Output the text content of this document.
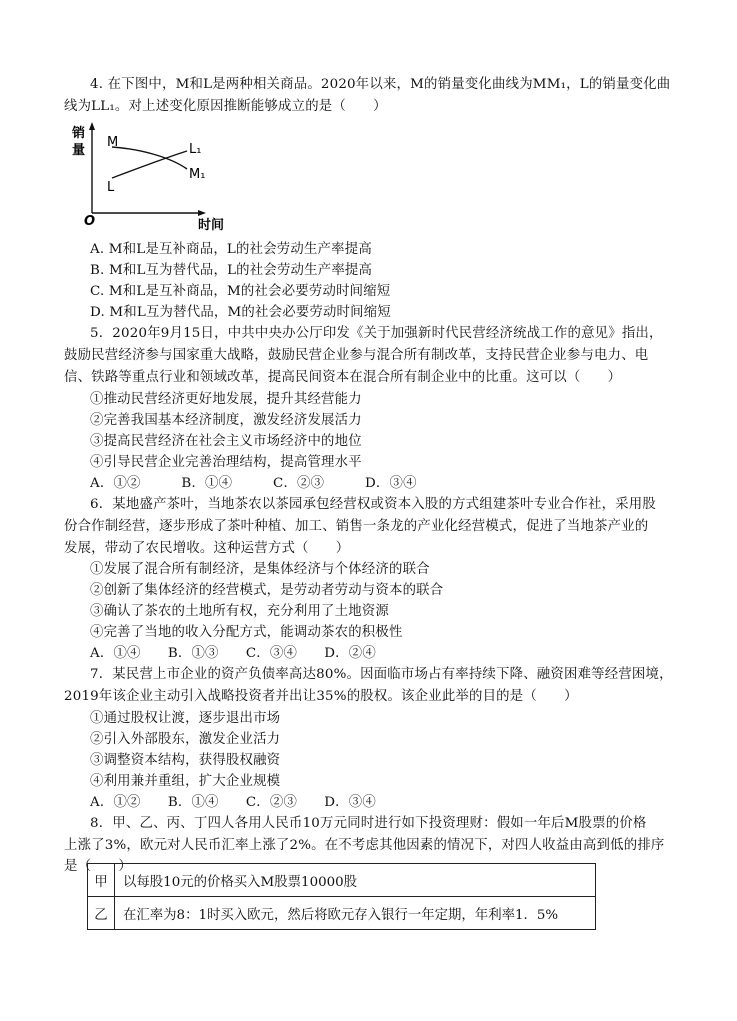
4. 在下图中，M和L是两种相关商品。2020年以来，M的销量变化曲线为MM₁，L的销量变化曲
线为LL₁。对上述变化原因推断能够成立的是（　　）
销
量
O	时间
M
L
L₁
M₁
A. M和L是互补商品，L的社会劳动生产率提高
B. M和L互为替代品，L的社会劳动生产率提高
C. M和L是互补商品，M的社会必要劳动时间缩短
D. M和L互为替代品，M的社会必要劳动时间缩短
5．2020年9月15日，中共中央办公厅印发《关于加强新时代民营经济统战工作的意见》指出，
鼓励民营经济参与国家重大战略，鼓励民营企业参与混合所有制改革，支持民营企业参与电力、电
信、铁路等重点行业和领域改革，提高民间资本在混合所有制企业中的比重。这可以（　　）
①推动民营经济更好地发展，提升其经营能力
②完善我国基本经济制度，激发经济发展活力
③提高民营经济在社会主义市场经济中的地位
④引导民营企业完善治理结构，提高管理水平
A．①②　　　B．①④　　　C．②③　　　D．③④
6．某地盛产茶叶，当地茶农以茶园承包经营权或资本入股的方式组建茶叶专业合作社，采用股
份合作制经营，逐步形成了茶叶种植、加工、销售一条龙的产业化经营模式，促进了当地茶产业的
发展，带动了农民增收。这种运营方式（　　）
①发展了混合所有制经济，是集体经济与个体经济的联合
②创新了集体经济的经营模式，是劳动者劳动与资本的联合
③确认了茶农的土地所有权，充分利用了土地资源
④完善了当地的收入分配方式，能调动茶农的积极性
A．①④　　B．①③　　C．③④　　D．②④
7．某民营上市企业的资产负债率高达80%。因面临市场占有率持续下降、融资困难等经营困境，
2019年该企业主动引入战略投资者并出让35%的股权。该企业此举的目的是（　　）
①通过股权让渡，逐步退出市场
②引入外部股东，激发企业活力
③调整资本结构，获得股权融资
④利用兼并重组，扩大企业规模
A．①②　　B．①④　　C．②③　　D．③④
8．甲、乙、丙、丁四人各用人民币10万元同时进行如下投资理财：假如一年后M股票的价格
上涨了3%，欧元对人民币汇率上涨了2%。在不考虑其他因素的情况下，对四人收益由高到低的排序
是（　　）
甲	以每股10元的价格买入M股票10000股
乙	在汇率为8：1时买入欧元，然后将欧元存入银行一年定期，年利率1．5%
